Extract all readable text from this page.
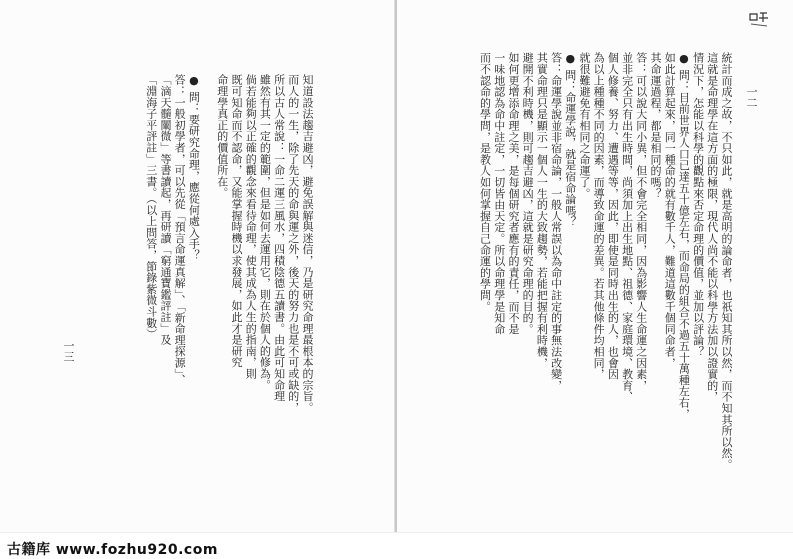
知道設法趨吉避凶，避免誤解與迷信，乃是研究命理最根本的宗旨。
而人的一生，除了先天的命與運之外，後天的努力也是不可或缺的，
所以古人常說：一命二運三風水，四積陰德五讀書。由此可知命理
雖然有其一定的範圍，但是如何去運用它，則在於個人的修為。
倘若能夠以正確的觀念來看待命理，使其成為人生的指南，則
既可知命而不認命，又能掌握時機以求發展，如此才是研究
命理學真正的價值所在。

● 問：要研究命理，應從何處入手？
答：一般初學者，可以先從「預言命運真解」、「新命理探源」、
「滴天髓闡微」等書讀起，再研讀「窮通寶鑑評註」及
「淵海子平評註」三書。（以上問答，節錄紫微斗數）
一三	統計而成之故，不只如此，就是高明的論命者，也祇知其所以然，而不知其所以然。
這就是命理學在這方面的極限，現代人尚不能以科學方法加以證實的，
情況下，怎能以科學的觀點來否定命理的價值，並加以評論？
● 問：目前世界人口已達五十億左右，而命局的組合不過五十萬種左右，
如此計算起來，同一種命的就有數千人，難道這數千個同命者，
其命運過程，都是相同的嗎？
答：可以說大同小異，但不會完全相同，因為影響人生命運之因素，
並非完全只有出生時間，尚須加上出生地點、祖德、家庭環境、教育、
個人修養、努力、遭遇等等，因此，即使是同時出生的人，也會因
為以上種種不同的因素，而導致命運的差異。若其他條件均相同，
就很難避免有相同之命運了。
● 問：命運學說，就是宿命論嗎？
答：命運學說並非宿命論，一般人常誤以為命中註定的事無法改變，
其實命理只是顯示一個人一生的大致趨勢，若能把握有利時機，
避開不利時機，則可趨吉避凶，這就是研究命理的目的。
如何更增添命理之美，是每個研究者應有的責任，而不是
一味地認為命中註定，一切皆由天定。所以命理學是知命
而不認命的學問，是教人如何掌握自己命運的學問。	一二
古籍库 www.fozhu920.com
